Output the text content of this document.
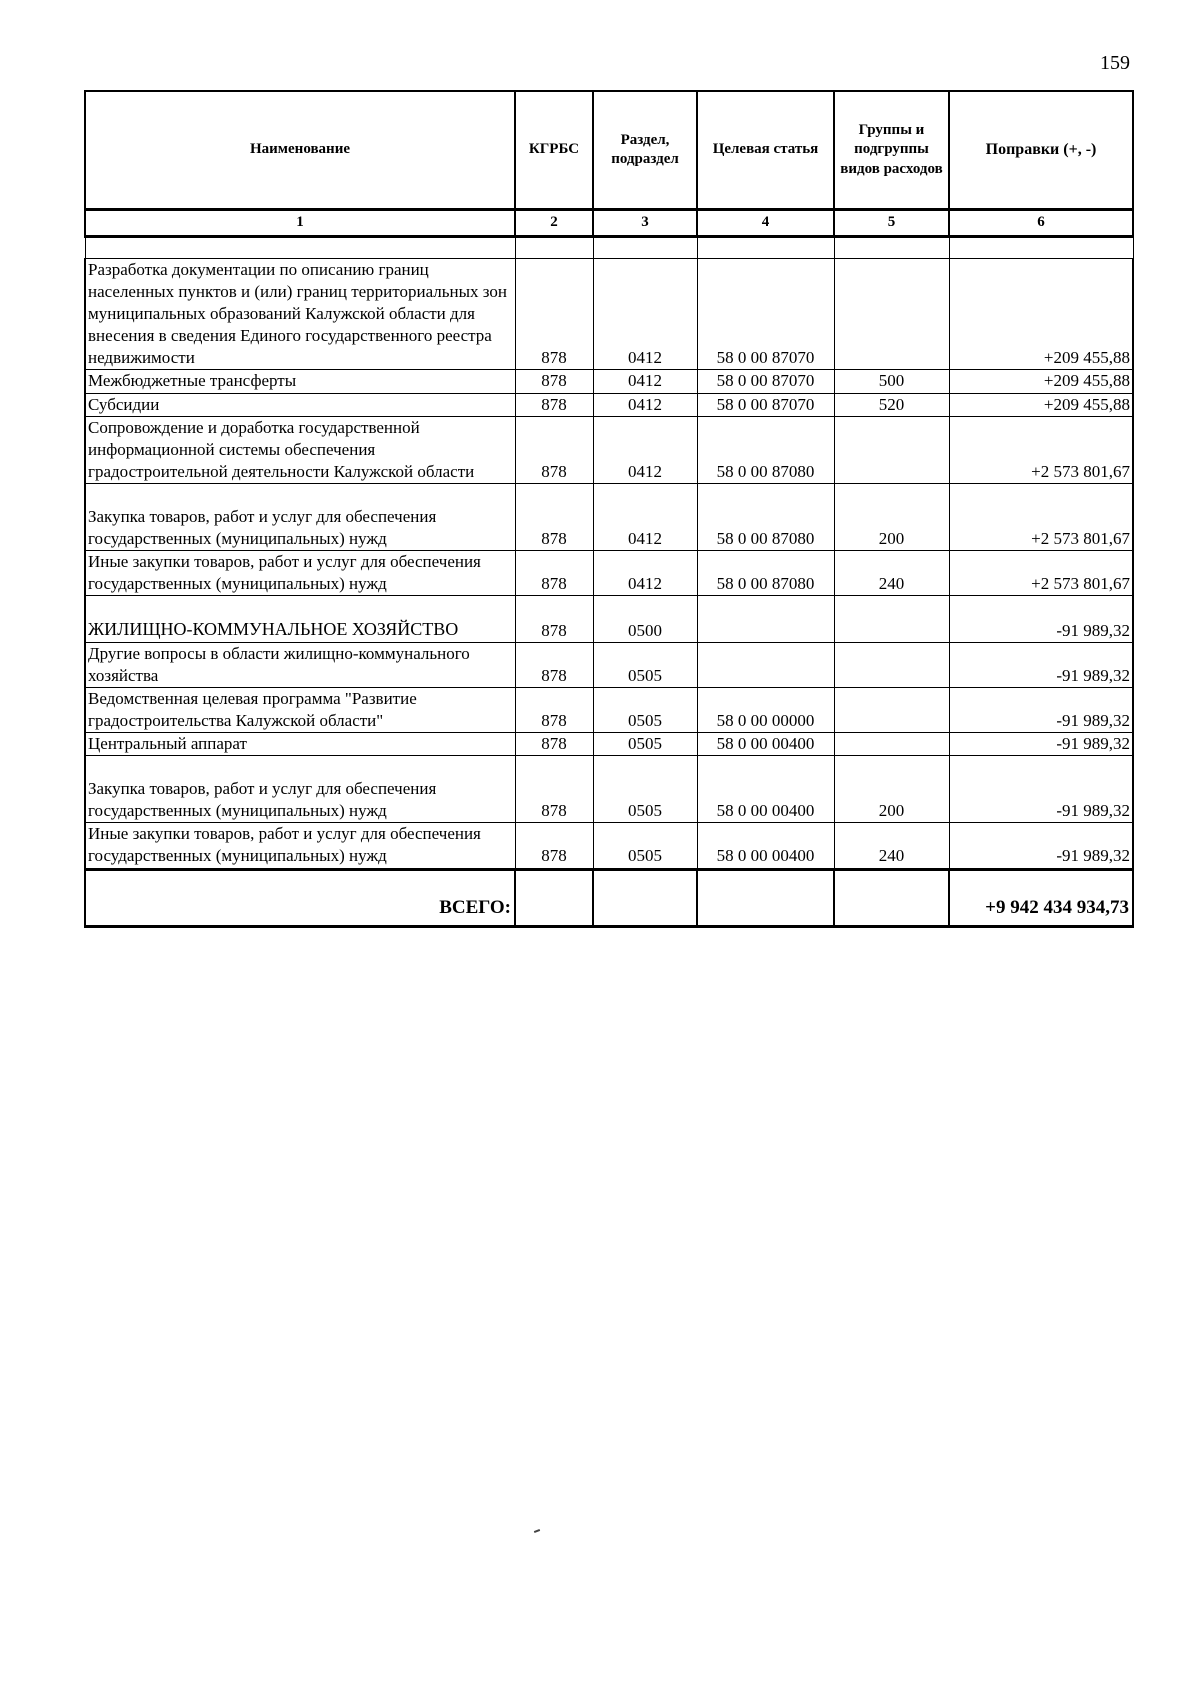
159
Наименование	КГРБС	Раздел, подраздел	Целевая статья	Группы и подгруппы видов расходов	Поправки (+, -)
1	2	3	4	5	6

Разработка документации по описанию границ населенных пунктов и (или) границ территориальных зон муниципальных образований Калужской области для внесения в сведения Единого государственного реестра недвижимости	878	0412	58 0 00 87070		+209 455,88
Межбюджетные трансферты	878	0412	58 0 00 87070	500	+209 455,88
Субсидии	878	0412	58 0 00 87070	520	+209 455,88
Сопровождение и доработка государственной информационной системы обеспечения градостроительной деятельности Калужской области	878	0412	58 0 00 87080		+2 573 801,67

Закупка товаров, работ и услуг для обеспечения государственных (муниципальных) нужд	878	0412	58 0 00 87080	200	+2 573 801,67
Иные закупки товаров, работ и услуг для обеспечения государственных (муниципальных) нужд	878	0412	58 0 00 87080	240	+2 573 801,67

ЖИЛИЩНО-КОММУНАЛЬНОЕ ХОЗЯЙСТВО	878	0500			-91 989,32
Другие вопросы в области жилищно-коммунального хозяйства	878	0505			-91 989,32
Ведомственная целевая программа "Развитие градостроительства Калужской области"	878	0505	58 0 00 00000		-91 989,32
Центральный аппарат	878	0505	58 0 00 00400		-91 989,32

Закупка товаров, работ и услуг для обеспечения государственных (муниципальных) нужд	878	0505	58 0 00 00400	200	-91 989,32
Иные закупки товаров, работ и услуг для обеспечения государственных (муниципальных) нужд	878	0505	58 0 00 00400	240	-91 989,32
ВСЕГО:					+9 942 434 934,73
